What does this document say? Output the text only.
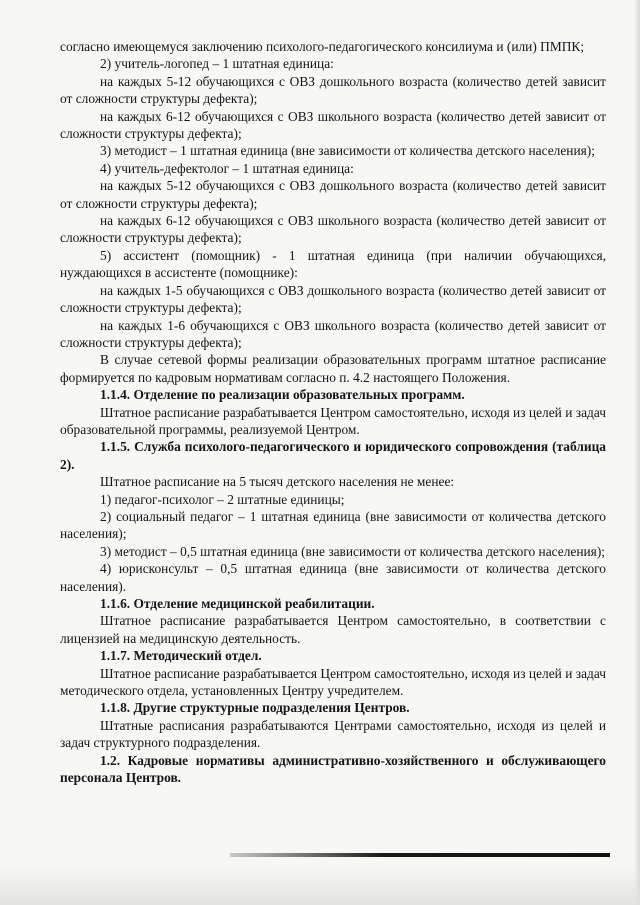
согласно имеющемуся заключению психолого-педагогического консилиума и (или) ПМПК;

2) учитель-логопед – 1 штатная единица:

на каждых 5-12 обучающихся с ОВЗ дошкольного возраста (количество детей зависит от сложности структуры дефекта);

на каждых 6-12 обучающихся с ОВЗ школьного возраста (количество детей зависит от сложности структуры дефекта);

3) методист – 1 штатная единица (вне зависимости от количества детского населения);

4) учитель-дефектолог – 1 штатная единица:

на каждых 5-12 обучающихся с ОВЗ дошкольного возраста (количество детей зависит от сложности структуры дефекта);

на каждых 6-12 обучающихся с ОВЗ школьного возраста (количество детей зависит от сложности структуры дефекта);

5) ассистент (помощник) - 1 штатная единица (при наличии обучающихся, нуждающихся в ассистенте (помощнике):

на каждых 1-5 обучающихся с ОВЗ дошкольного возраста (количество детей зависит от сложности структуры дефекта);

на каждых 1-6 обучающихся с ОВЗ школьного возраста (количество детей зависит от сложности структуры дефекта);

В случае сетевой формы реализации образовательных программ штатное расписание формируется по кадровым нормативам согласно п. 4.2 настоящего Положения.

1.1.4. Отделение по реализации образовательных программ.

Штатное расписание разрабатывается Центром самостоятельно, исходя из целей и задач образовательной программы, реализуемой Центром.

1.1.5. Служба психолого-педагогического и юридического сопровождения (таблица 2).

Штатное расписание на 5 тысяч детского населения не менее:

1) педагог-психолог – 2 штатные единицы;

2) социальный педагог – 1 штатная единица (вне зависимости от количества детского населения);

3) методист – 0,5 штатная единица (вне зависимости от количества детского населения);

4) юрисконсульт – 0,5 штатная единица (вне зависимости от количества детского населения).

1.1.6. Отделение медицинской реабилитации.

Штатное расписание разрабатывается Центром самостоятельно, в соответствии с лицензией на медицинскую деятельность.

1.1.7. Методический отдел.

Штатное расписание разрабатывается Центром самостоятельно, исходя из целей и задач методического отдела, установленных Центру учредителем.

1.1.8. Другие структурные подразделения Центров.

Штатные расписания разрабатываются Центрами самостоятельно, исходя из целей и задач структурного подразделения.

1.2. Кадровые нормативы административно-хозяйственного и обслуживающего персонала Центров.
